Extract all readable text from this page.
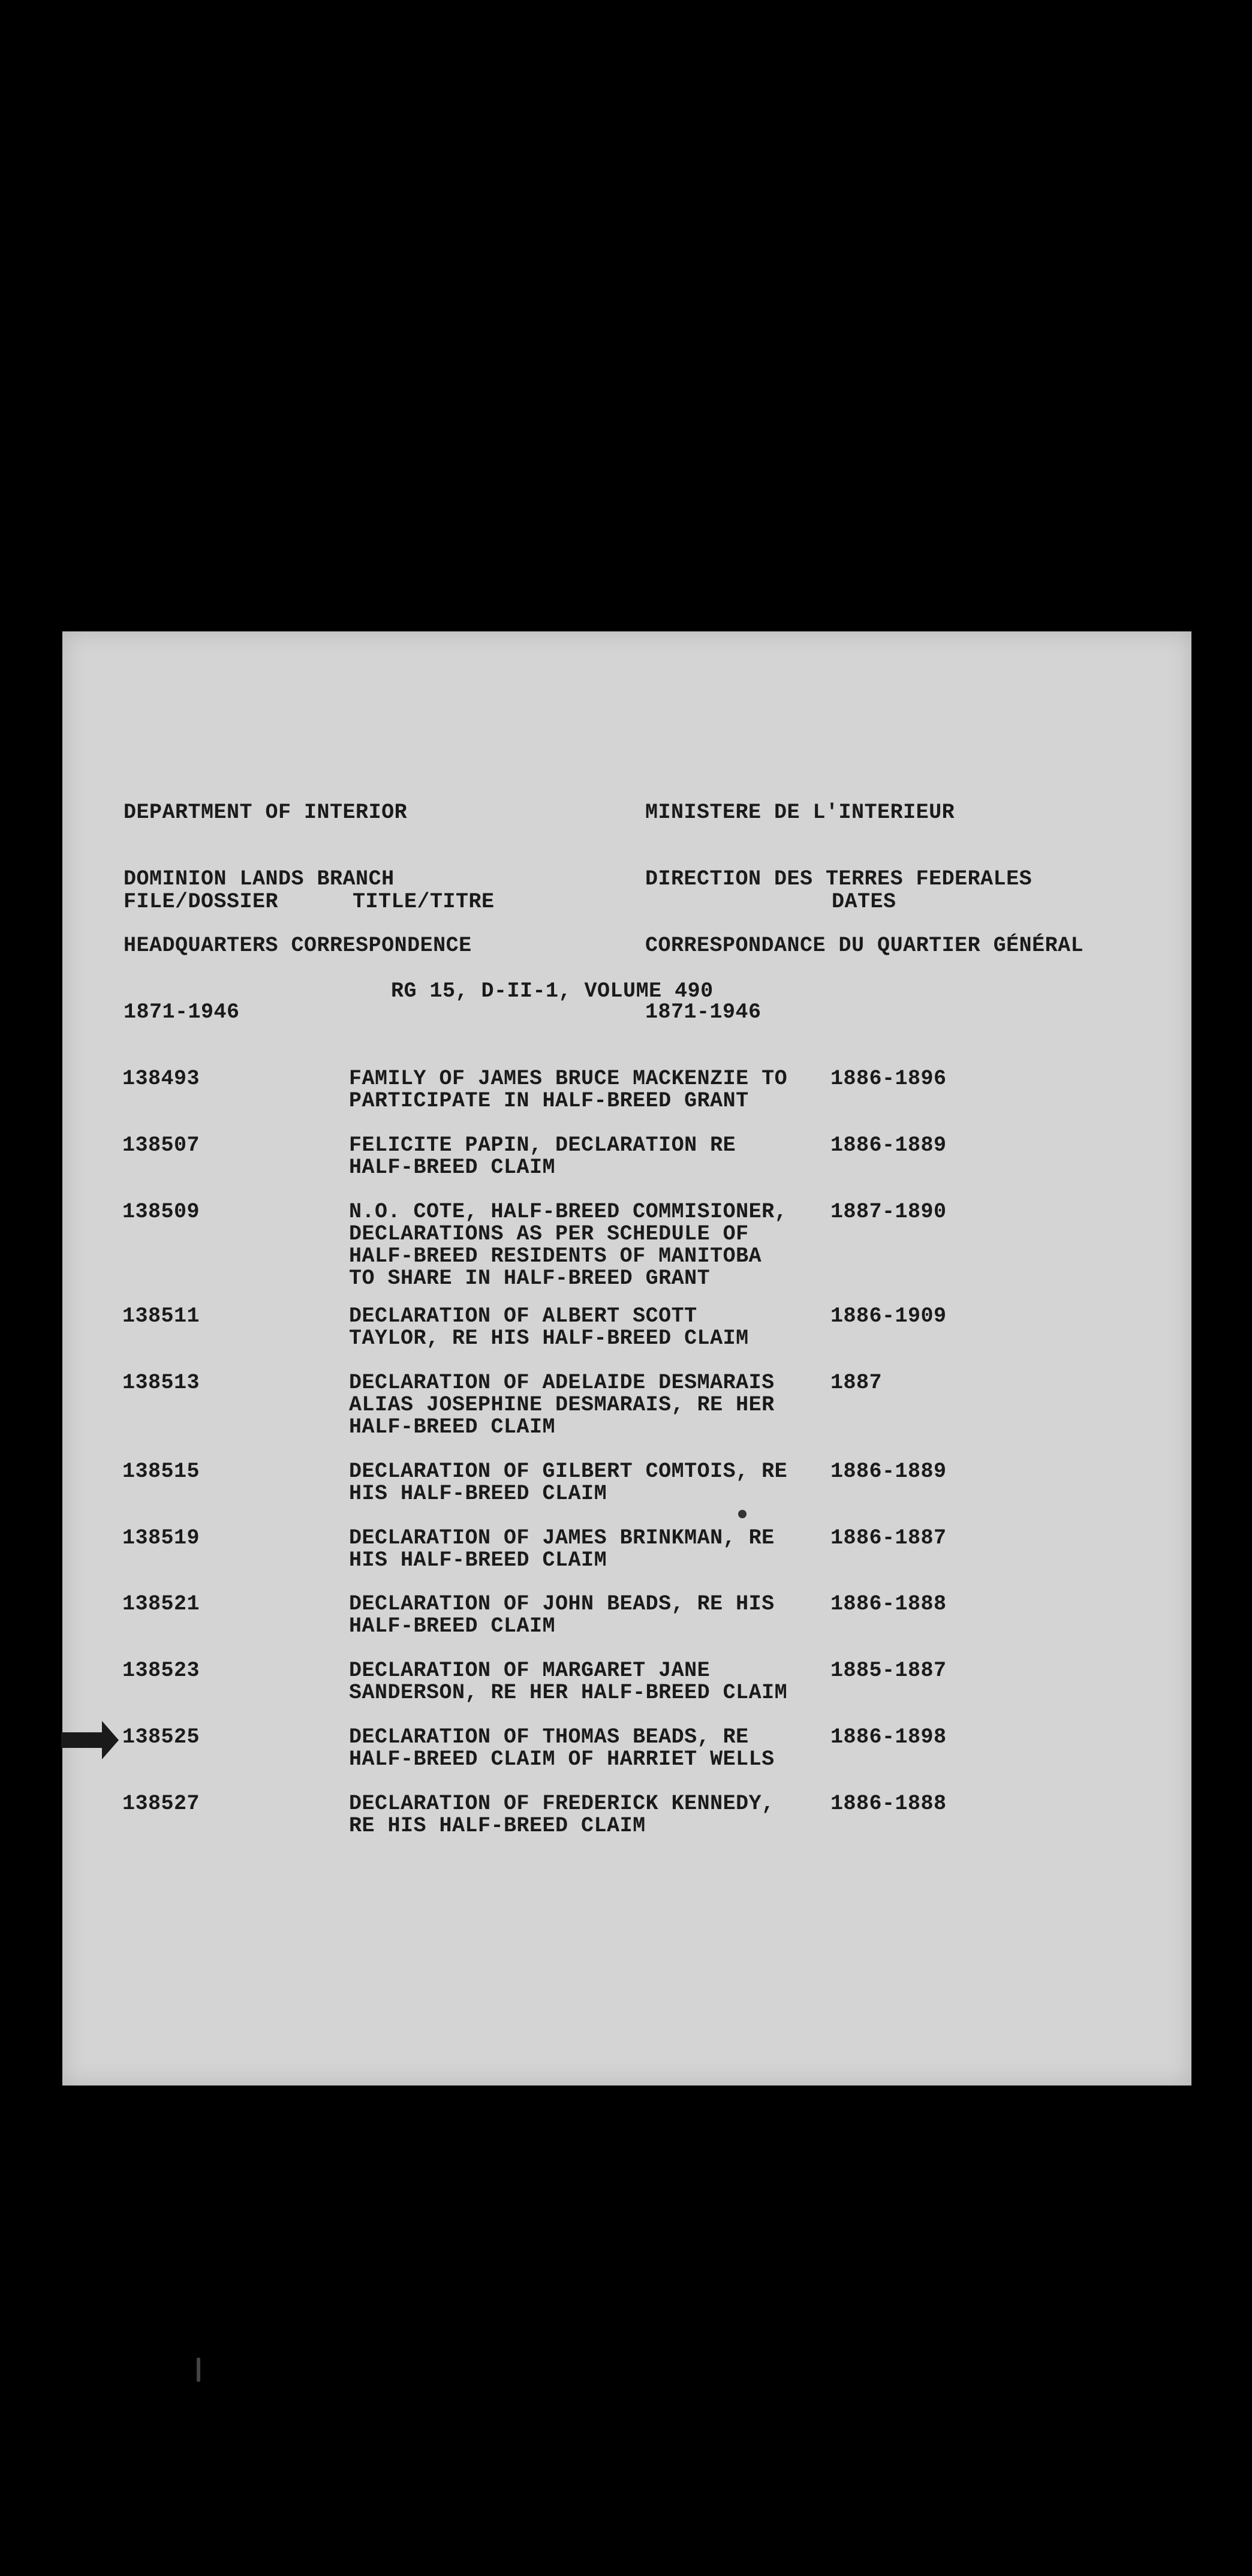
DEPARTMENT OF INTERIOR

DOMINION LANDS BRANCH

HEADQUARTERS CORRESPONDENCE

1871-1946

MINISTERE DE L'INTERIEUR

DIRECTION DES TERRES FEDERALES

CORRESPONDANCE DU QUARTIER GÉNÉRAL

1871-1946

FILE/DOSSIER	TITLE/TITRE	DATES
RG 15, D-II-1, VOLUME 490
138493	FAMILY OF JAMES BRUCE MACKENZIE TO
PARTICIPATE IN HALF-BREED GRANT
1886-1896
138507	FELICITE PAPIN, DECLARATION RE
HALF-BREED CLAIM
1886-1889
138509	N.O. COTE, HALF-BREED COMMISIONER,
DECLARATIONS AS PER SCHEDULE OF
HALF-BREED RESIDENTS OF MANITOBA
TO SHARE IN HALF-BREED GRANT
1887-1890
138511	DECLARATION OF ALBERT SCOTT
TAYLOR, RE HIS HALF-BREED CLAIM
1886-1909
138513	DECLARATION OF ADELAIDE DESMARAIS
ALIAS JOSEPHINE DESMARAIS, RE HER
HALF-BREED CLAIM
1887
138515	DECLARATION OF GILBERT COMTOIS, RE
HIS HALF-BREED CLAIM
1886-1889
138519	DECLARATION OF JAMES BRINKMAN, RE
HIS HALF-BREED CLAIM
1886-1887
138521	DECLARATION OF JOHN BEADS, RE HIS
HALF-BREED CLAIM
1886-1888
138523	DECLARATION OF MARGARET JANE
SANDERSON, RE HER HALF-BREED CLAIM
1885-1887
138525	DECLARATION OF THOMAS BEADS, RE
HALF-BREED CLAIM OF HARRIET WELLS
1886-1898
138527	DECLARATION OF FREDERICK KENNEDY,
RE HIS HALF-BREED CLAIM
1886-1888
